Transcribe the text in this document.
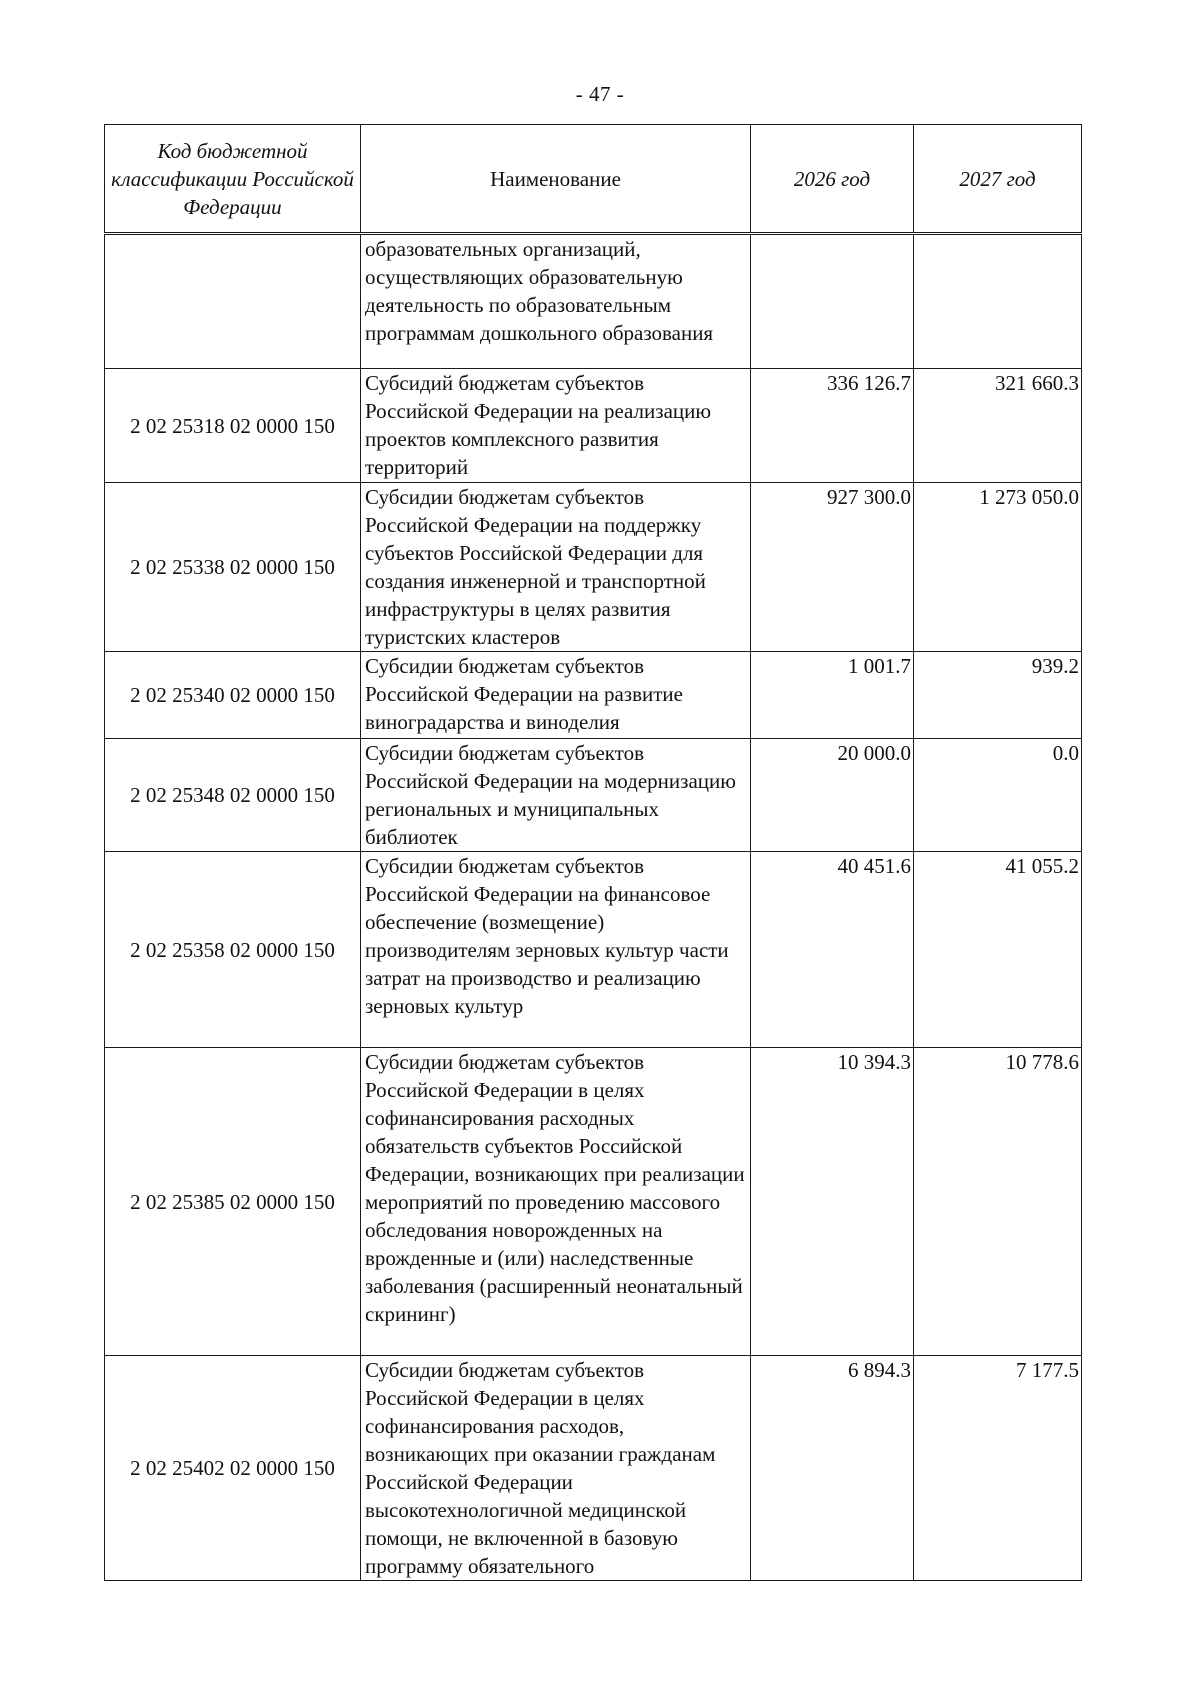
- 47 -
Код бюджетной классификации Российской Федерации	Наименование	2026 год	2027 год
	образовательных организаций, осуществляющих образовательную деятельность по образовательным программам дошкольного образования		
2 02 25318 02 0000 150	Субсидий бюджетам субъектов Российской Федерации на реализацию проектов комплексного развития территорий	336 126.7	321 660.3
2 02 25338 02 0000 150	Субсидии бюджетам субъектов Российской Федерации на поддержку субъектов Российской Федерации для создания инженерной и транспортной инфраструктуры в целях развития туристских кластеров	927 300.0	1 273 050.0
2 02 25340 02 0000 150	Субсидии бюджетам субъектов Российской Федерации на развитие виноградарства и виноделия	1 001.7	939.2
2 02 25348 02 0000 150	Субсидии бюджетам субъектов Российской Федерации на модернизацию региональных и муниципальных библиотек	20 000.0	0.0
2 02 25358 02 0000 150	Субсидии бюджетам субъектов Российской Федерации на финансовое обеспечение (возмещение) производителям зерновых культур части затрат на производство и реализацию зерновых культур	40 451.6	41 055.2
2 02 25385 02 0000 150	Субсидии бюджетам субъектов Российской Федерации в целях софинансирования расходных обязательств субъектов Российской Федерации, возникающих при реализации мероприятий по проведению массового обследования новорожденных на врожденные и (или) наследственные заболевания (расширенный неонатальный скрининг)	10 394.3	10 778.6
2 02 25402 02 0000 150	Субсидии бюджетам субъектов Российской Федерации в целях софинансирования расходов, возникающих при оказании гражданам Российской Федерации высокотехнологичной медицинской помощи, не включенной в базовую программу обязательного	6 894.3	7 177.5
